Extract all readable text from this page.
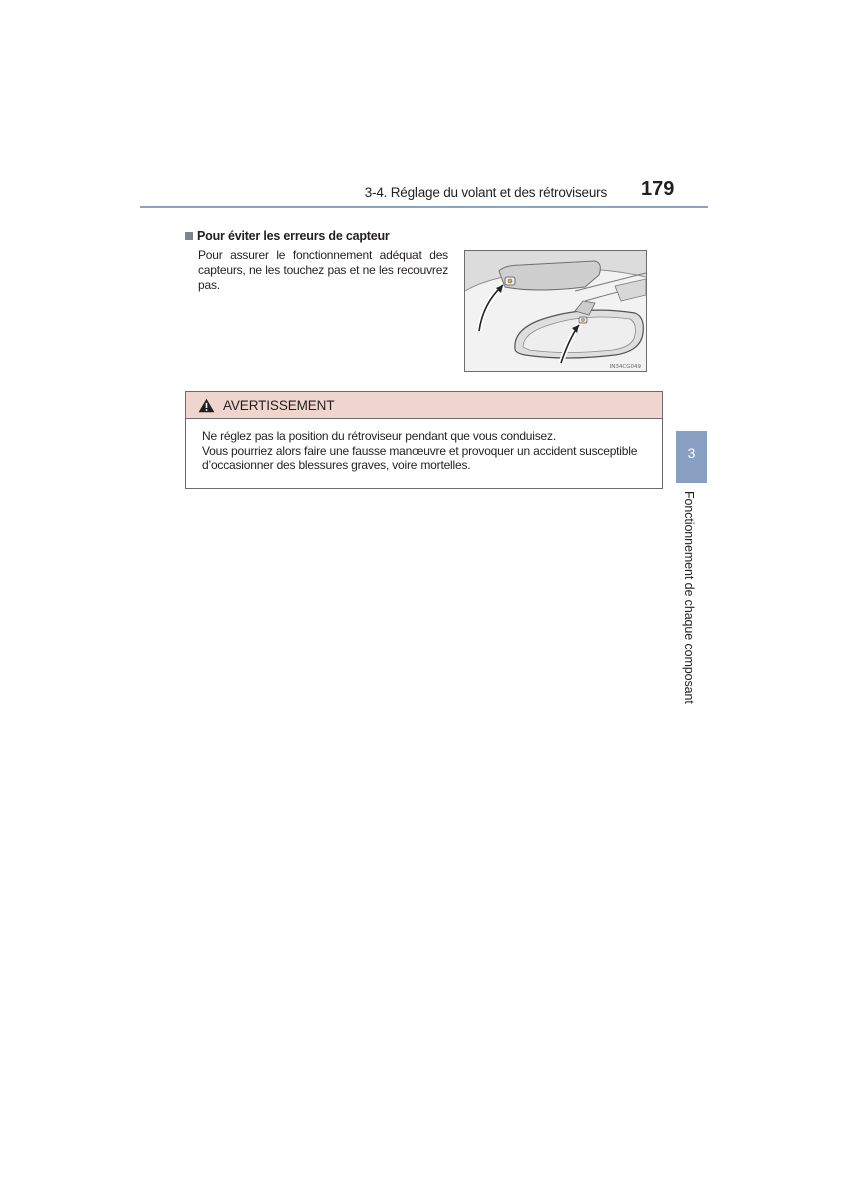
3-4. Réglage du volant et des rétroviseurs 179
Pour éviter les erreurs de capteur
Pour assurer le fonctionnement adéquat des capteurs, ne les touchez pas et ne les recouvrez pas.
IN34CG049
AVERTISSEMENT
Ne réglez pas la position du rétroviseur pendant que vous conduisez.
Vous pourriez alors faire une fausse manœuvre et provoquer un accident susceptible d’occasionner des blessures graves, voire mortelles.
3
Fonctionnement de chaque composant
